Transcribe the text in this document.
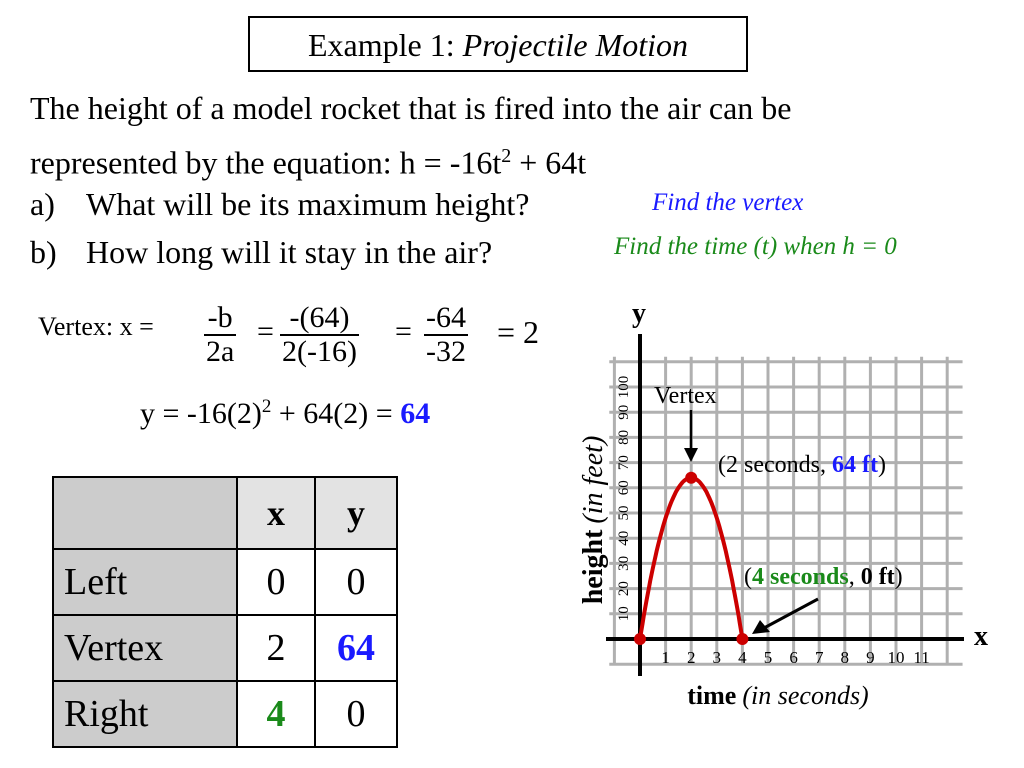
Example 1: Projectile Motion
The height of a model rocket that is fired into the air can be
represented by the equation: $h = -16t^2 + 64t$
a) What will be its maximum height?	Find the vertex
b) How long will it stay in the air?	Find the time (t) when h = 0
Vertex: $x = \frac{-b}{2a} = \frac{-(64)}{2(-16)} = \frac{-64}{-32} = 2$
$y = -16(2)^2 + 64(2) = 64$
	x	y
Left	0	0
Vertex	2	64
Right	4	0
1 2 3 4 5 6 7 8 9 10 11
10
20
30
40
50
60
70
80
90
100
y
x
height(in feet)
time (in seconds)
Vertex
(2 seconds, 64 ft)
(4 seconds, 0 ft)
